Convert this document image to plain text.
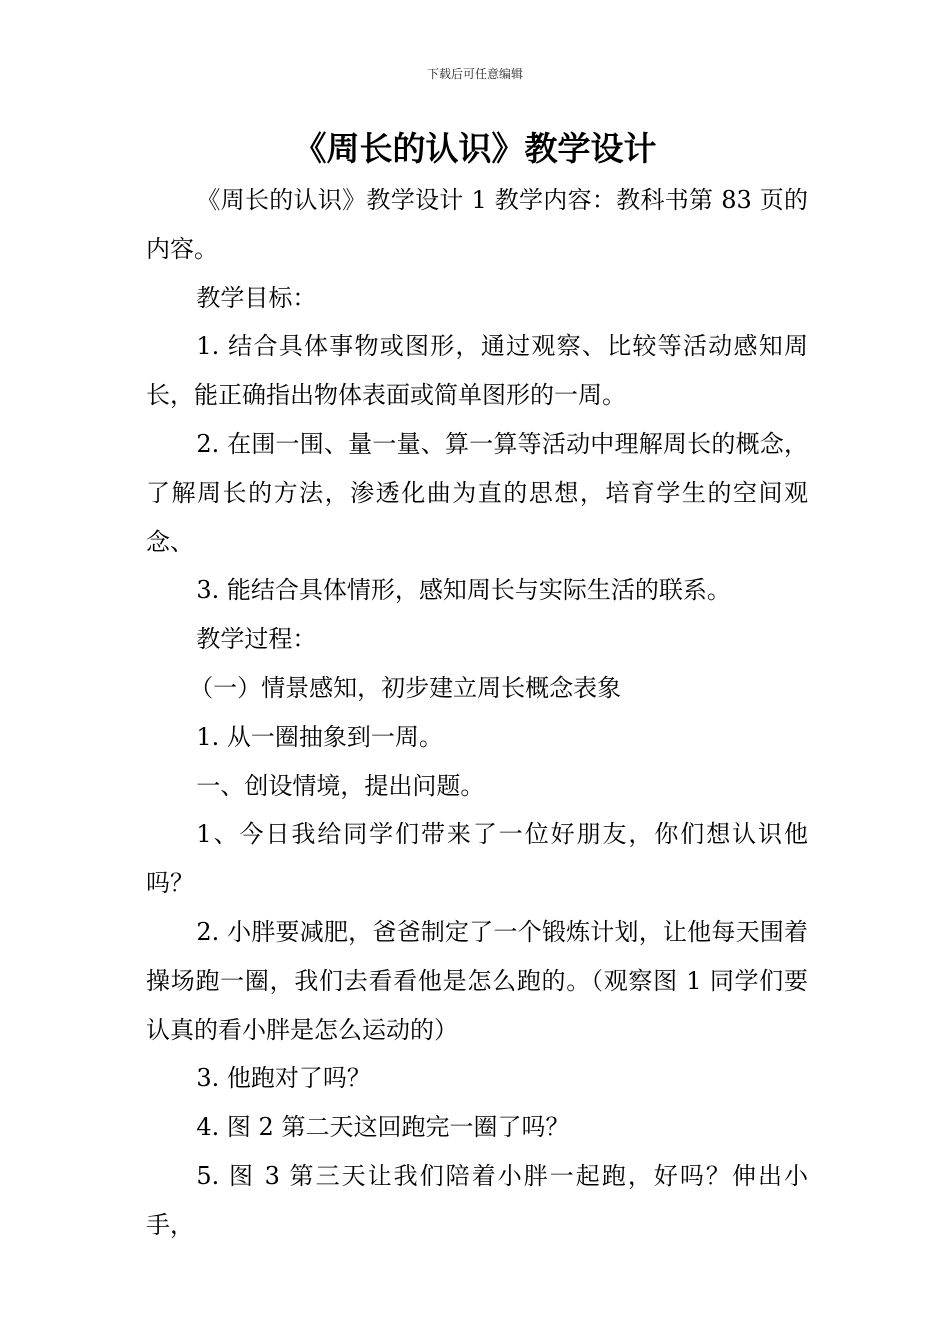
下载后可任意编辑
《周长的认识》教学设计

《周长的认识》教学设计 1 教学内容：教科书第 83 页的内容。

教学目标：

1. 结合具体事物或图形，通过观察、比较等活动感知周长，能正确指出物体表面或简单图形的一周。

2. 在围一围、量一量、算一算等活动中理解周长的概念，了解周长的方法，渗透化曲为直的思想，培育学生的空间观念、

3. 能结合具体情形，感知周长与实际生活的联系。

教学过程：

（一）情景感知，初步建立周长概念表象

1. 从一圈抽象到一周。

一、创设情境，提出问题。

1、今日我给同学们带来了一位好朋友，你们想认识他吗？

2. 小胖要减肥，爸爸制定了一个锻炼计划，让他每天围着操场跑一圈，我们去看看他是怎么跑的。（观察图 1 同学们要认真的看小胖是怎么运动的）

3. 他跑对了吗？

4. 图 2 第二天这回跑完一圈了吗？

5. 图 3 第三天让我们陪着小胖一起跑，好吗？伸出小手，
